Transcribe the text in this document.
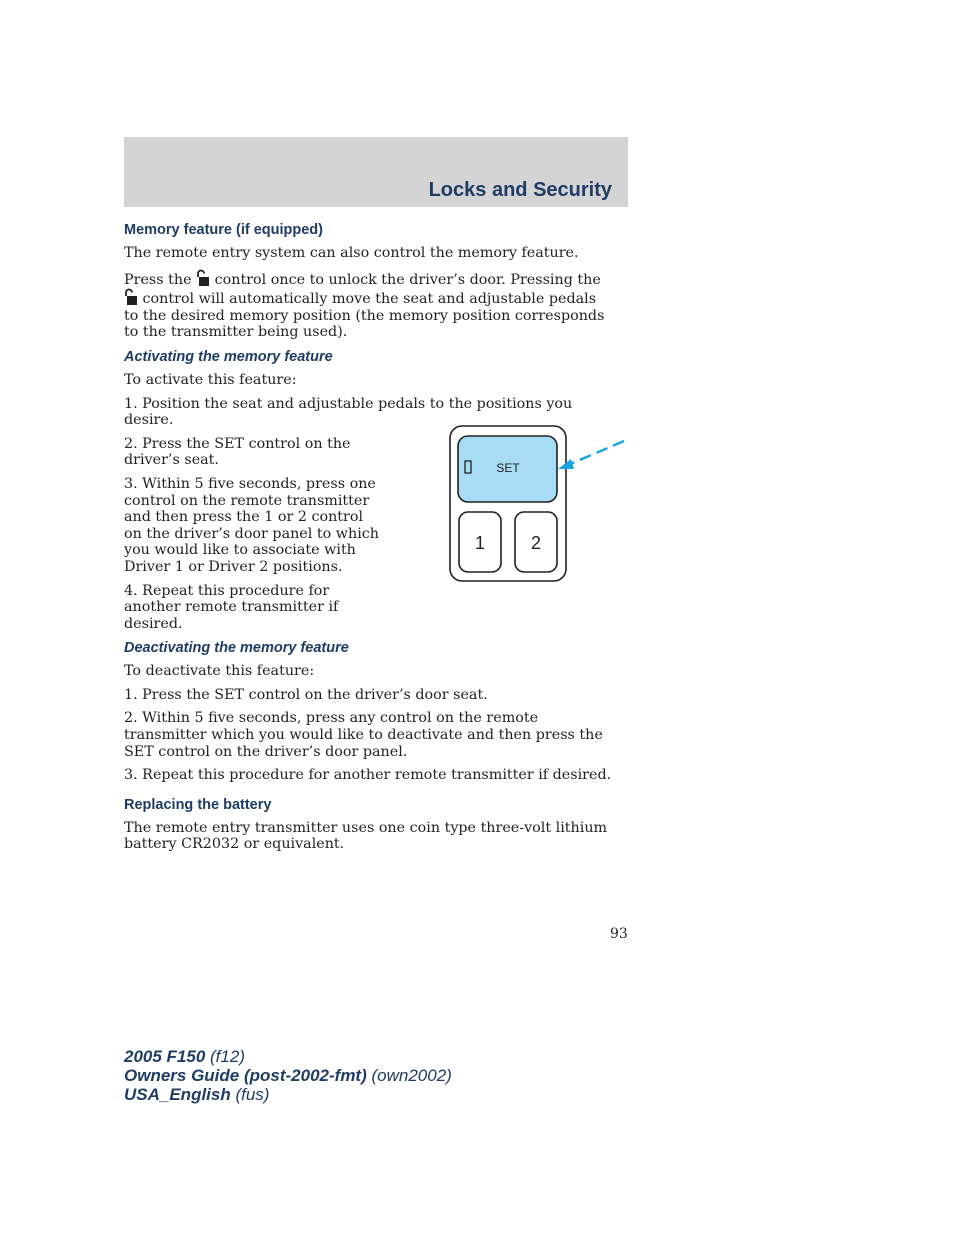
Locks and Security
Memory feature (if equipped)

The remote entry system can also control the memory feature.

Press the  control once to unlock the driver’s door. Pressing the  control will automatically move the seat and adjustable pedals to the desired memory position (the memory position corresponds to the transmitter being used).

Activating the memory feature

To activate this feature:

1. Position the seat and adjustable pedals to the positions you desire.

2. Press the SET control on the driver’s seat.

3. Within 5 five seconds, press one control on the remote transmitter and then press the 1 or 2 control on the driver’s door panel to which you would like to associate with Driver 1 or Driver 2 positions.

4. Repeat this procedure for another remote transmitter if desired.

Deactivating the memory feature

To deactivate this feature:

1. Press the SET control on the driver’s door seat.

2. Within 5 five seconds, press any control on the remote transmitter which you would like to deactivate and then press the SET control on the driver’s door panel.

3. Repeat this procedure for another remote transmitter if desired.

Replacing the battery

The remote entry transmitter uses one coin type three-volt lithium battery CR2032 or equivalent.

SET
1	2
93
2005 F150 (f12)
Owners Guide (post-2002-fmt) (own2002)
USA_English (fus)
